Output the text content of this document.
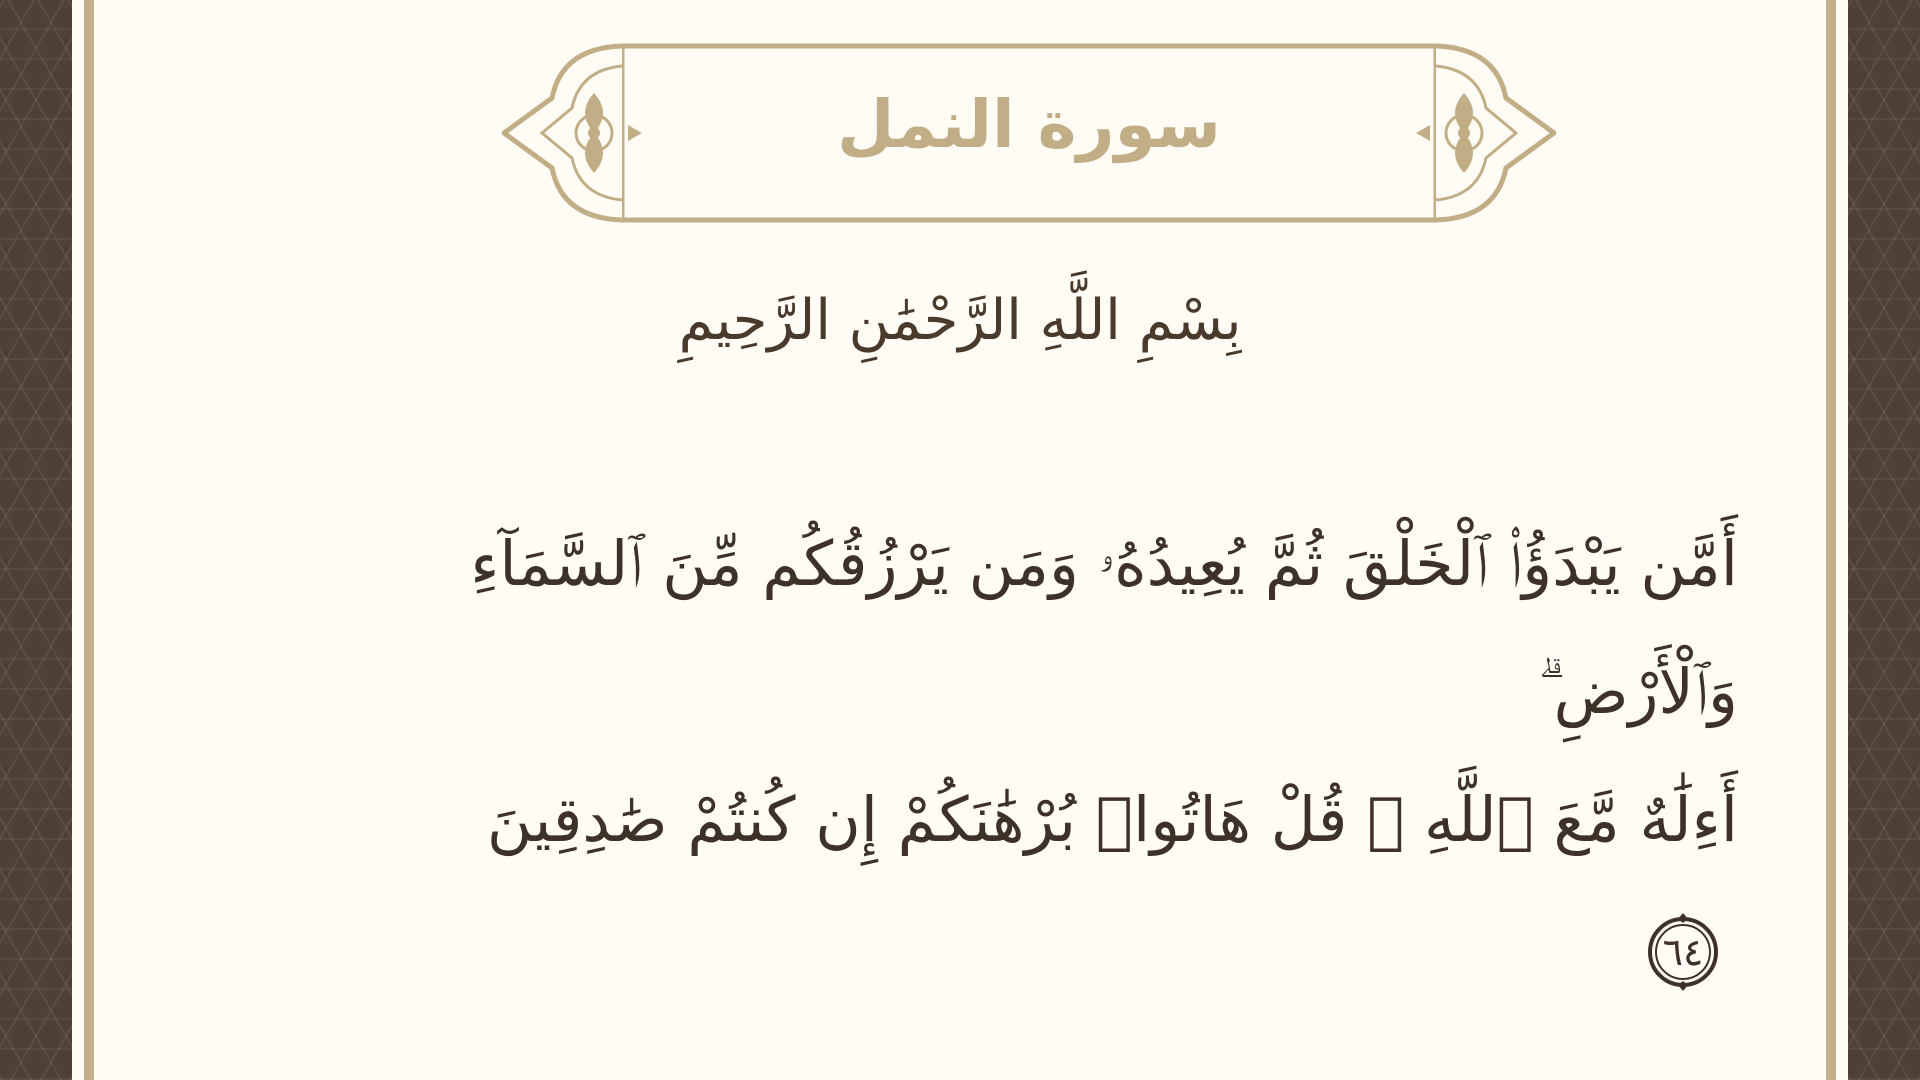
سورة النمل
بِسْمِ اللَّهِ الرَّحْمَٰنِ الرَّحِيمِ
أَمَّن يَبْدَؤُا۟ ٱلْخَلْقَ ثُمَّ يُعِيدُهُۥ وَمَن يَرْزُقُكُم مِّنَ ٱلسَّمَآءِ وَٱلْأَرْضِ ۗ
أَءِلَٰهٌ مَّعَ ٱللَّهِ ۚ قُلْ هَاتُوا۟ بُرْهَٰنَكُمْ إِن كُنتُمْ صَٰدِقِينَ
٦٤
